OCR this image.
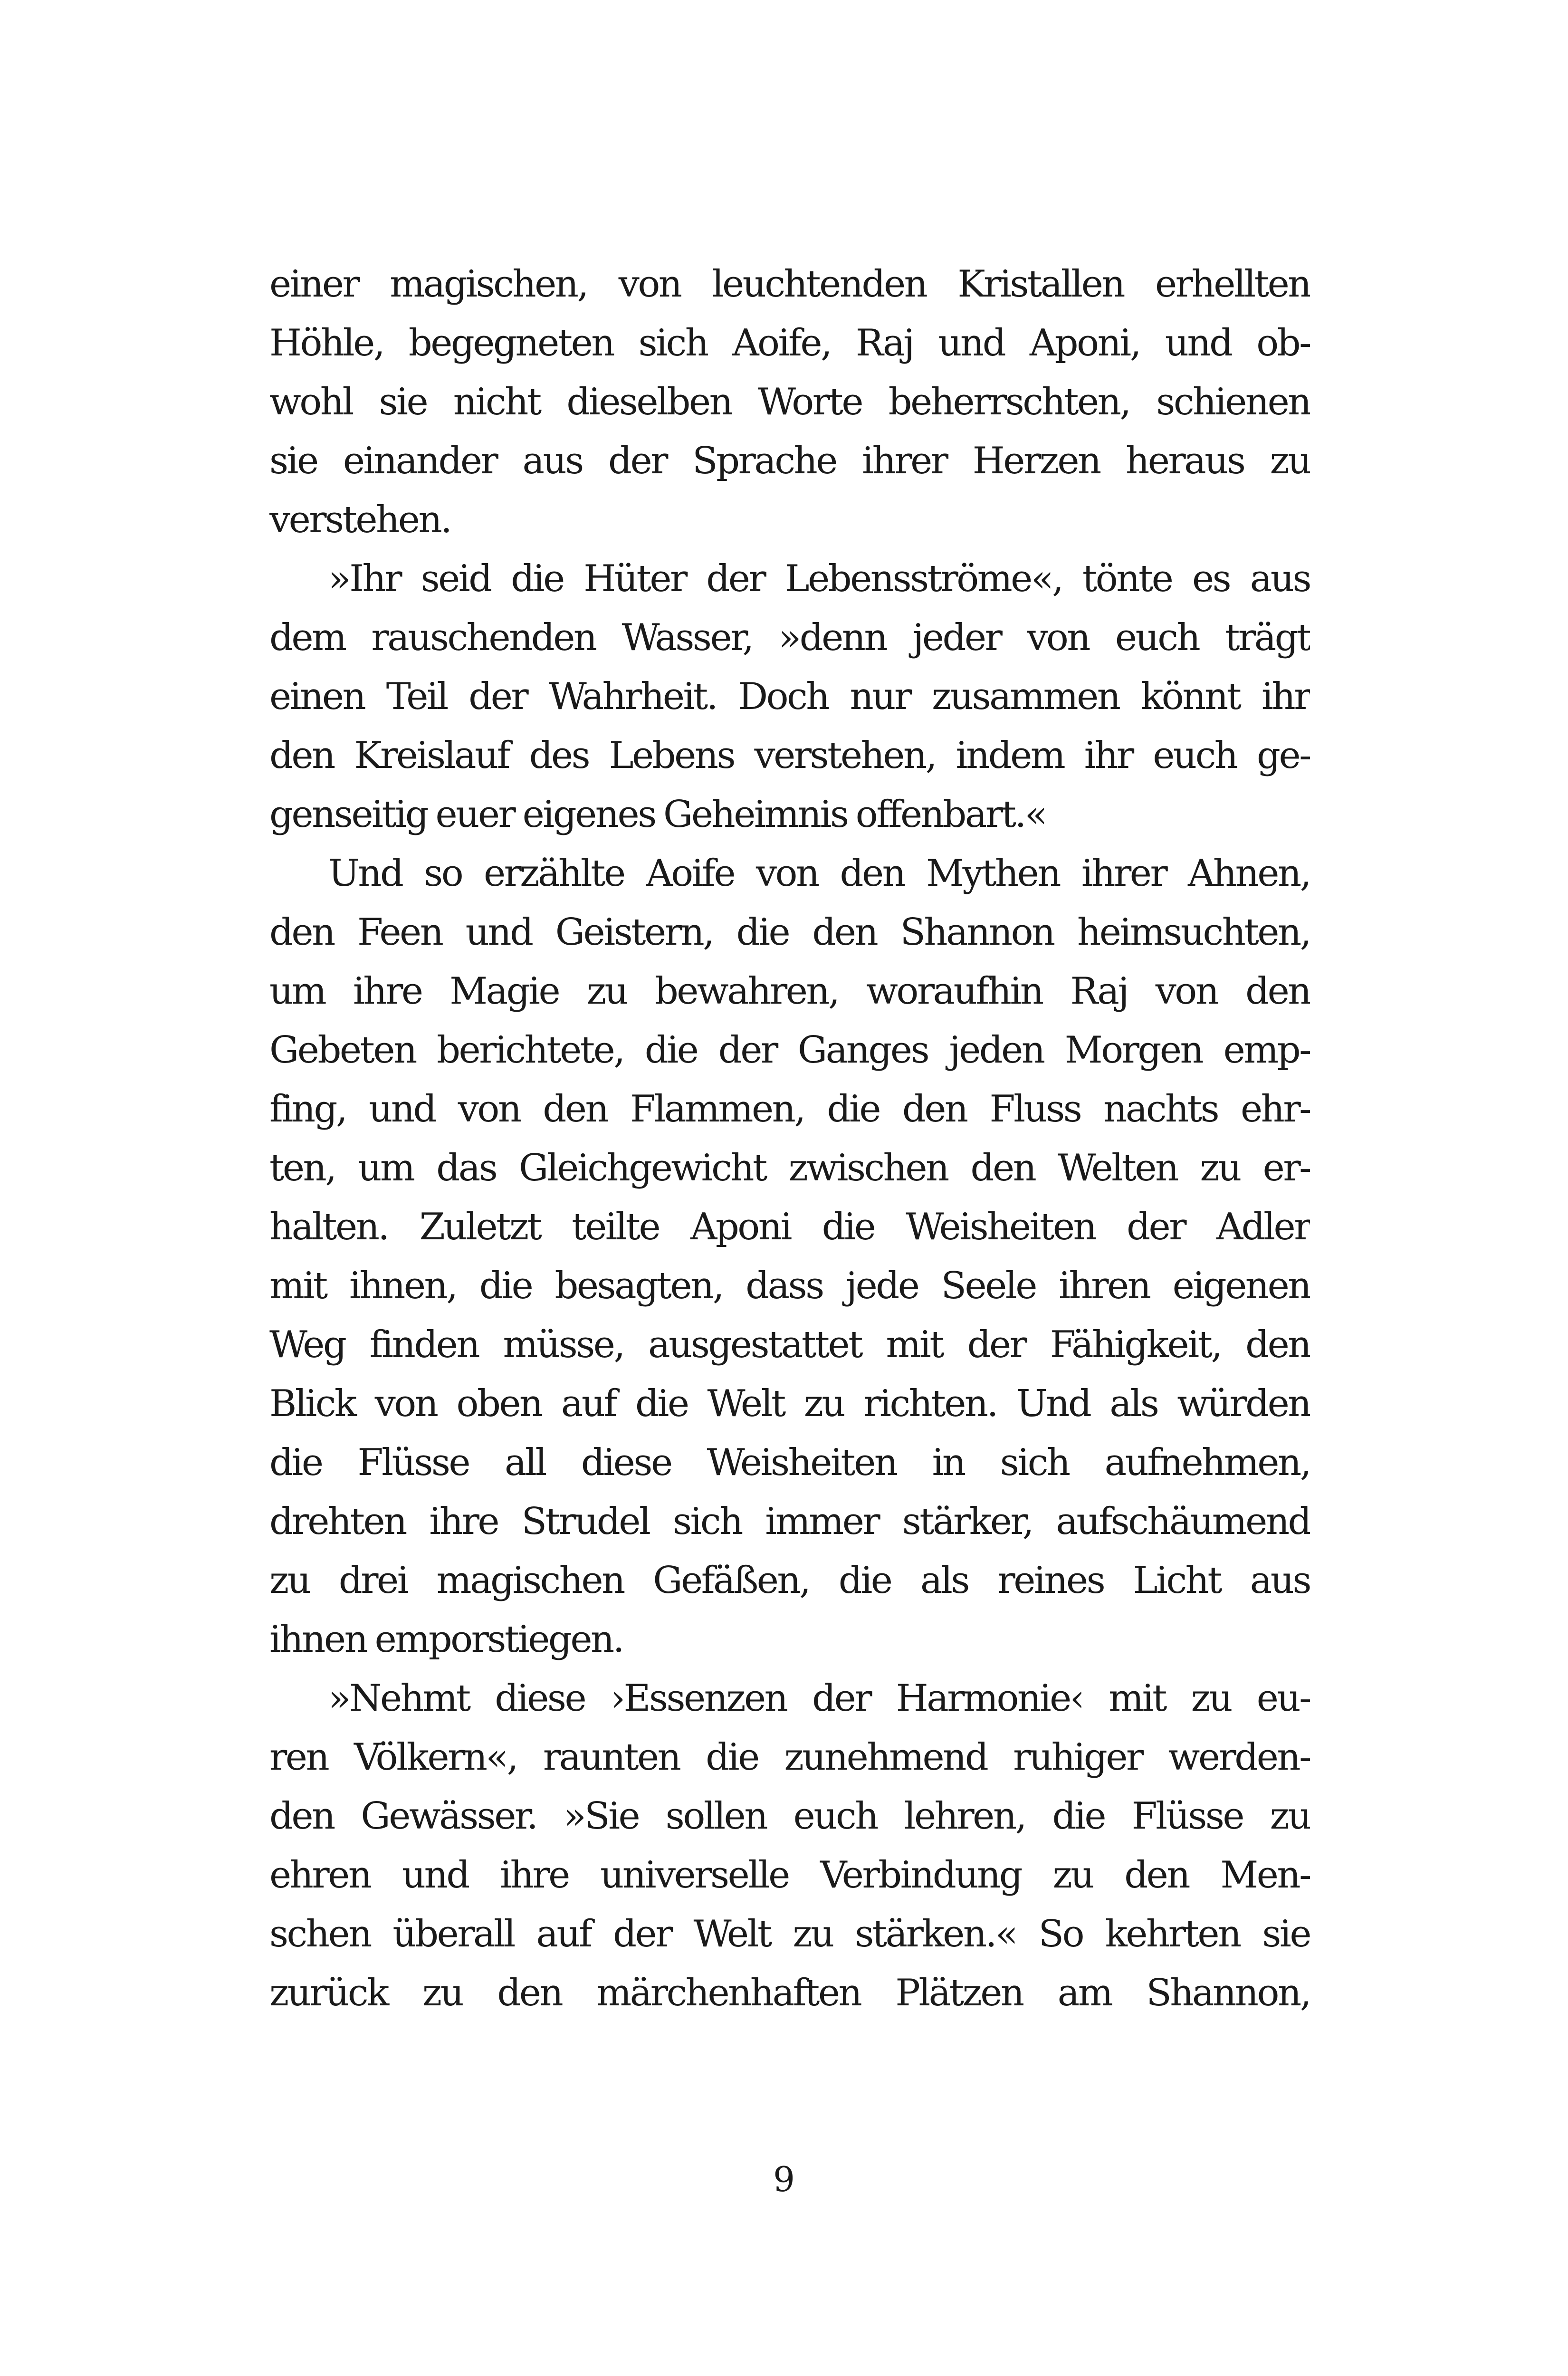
einer magischen, von leuchtenden Kristallen erhellten
Höhle, begegneten sich Aoife, Raj und Aponi, und ob-
wohl sie nicht dieselben Worte beherrschten, schienen
sie einander aus der Sprache ihrer Herzen heraus zu
verstehen.
»Ihr seid die Hüter der Lebensströme«, tönte es aus
dem rauschenden Wasser, »denn jeder von euch trägt
einen Teil der Wahrheit. Doch nur zusammen könnt ihr
den Kreislauf des Lebens verstehen, indem ihr euch ge-
genseitig euer eigenes Geheimnis offenbart.«
Und so erzählte Aoife von den Mythen ihrer Ahnen,
den Feen und Geistern, die den Shannon heimsuchten,
um ihre Magie zu bewahren, woraufhin Raj von den
Gebeten berichtete, die der Ganges jeden Morgen emp-
fing, und von den Flammen, die den Fluss nachts ehr-
ten, um das Gleichgewicht zwischen den Welten zu er-
halten. Zuletzt teilte Aponi die Weisheiten der Adler
mit ihnen, die besagten, dass jede Seele ihren eigenen
Weg finden müsse, ausgestattet mit der Fähigkeit, den
Blick von oben auf die Welt zu richten. Und als würden
die Flüsse all diese Weisheiten in sich aufnehmen,
drehten ihre Strudel sich immer stärker, aufschäumend
zu drei magischen Gefäßen, die als reines Licht aus
ihnen emporstiegen.
»Nehmt diese ›Essenzen der Harmonie‹ mit zu eu-
ren Völkern«, raunten die zunehmend ruhiger werden-
den Gewässer. »Sie sollen euch lehren, die Flüsse zu
ehren und ihre universelle Verbindung zu den Men-
schen überall auf der Welt zu stärken.« So kehrten sie
zurück zu den märchenhaften Plätzen am Shannon,
9
